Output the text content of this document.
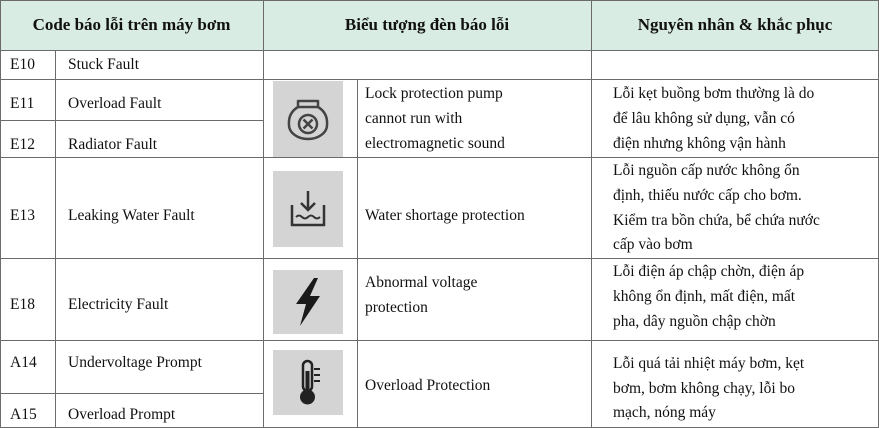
Code báo lỗi trên máy bơm	Biểu tượng đèn báo lỗi	Nguyên nhân & khắc phục
E10 Stuck Fault
E11 Overload Fault
E12 Radiator Fault
E13 Leaking Water Fault
E18 Electricity Fault
A14 Undervoltage Prompt
A15 Overload Prompt
Lock protection pump
cannot run with
electromagnetic sound
Water shortage protection
Abnormal voltage
protection
Overload Protection
Lỗi kẹt buồng bơm thường là do
để lâu không sử dụng, vẫn có
điện nhưng không vận hành
Lỗi nguồn cấp nước không ổn
định, thiếu nước cấp cho bơm.
Kiểm tra bồn chứa, bể chứa nước
cấp vào bơm
Lỗi điện áp chập chờn, điện áp
không ổn định, mất điện, mất
pha, dây nguồn chập chờn
Lỗi quá tải nhiệt máy bơm, kẹt
bơm, bơm không chạy, lỗi bo
mạch, nóng máy
